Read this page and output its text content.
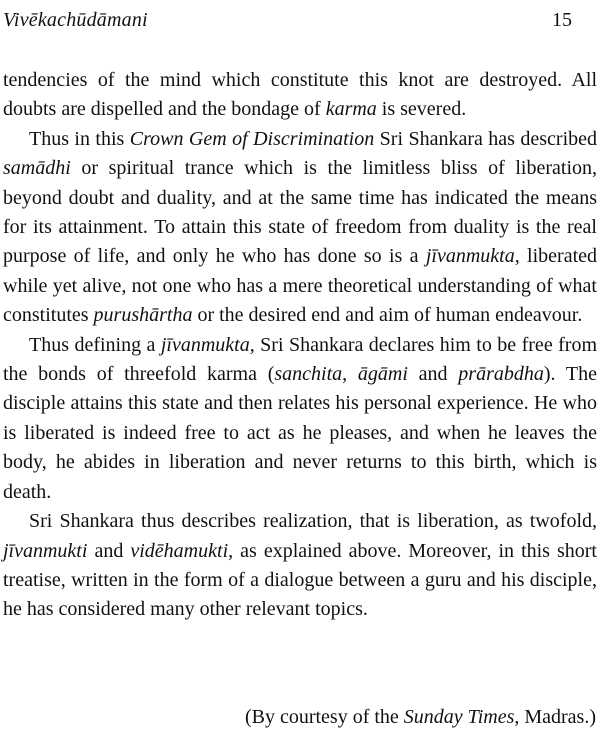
Vivēkachūdāmani	15

tendencies of the mind which constitute this knot are destroyed. All doubts are dispelled and the bondage of karma is severed.

Thus in this Crown Gem of Discrimination Sri Shankara has described samādhi or spiritual trance which is the limitless bliss of liberation, beyond doubt and duality, and at the same time has indicated the means for its attainment. To attain this state of freedom from duality is the real purpose of life, and only he who has done so is a jīvanmukta, liberated while yet alive, not one who has a mere theoretical understanding of what constitutes purushārtha or the desired end and aim of human endeavour.

Thus defining a jīvanmukta, Sri Shankara declares him to be free from the bonds of threefold karma (sanchita, āgāmi and prārabdha). The disciple attains this state and then relates his personal experience. He who is liberated is indeed free to act as he pleases, and when he leaves the body, he abides in liberation and never returns to this birth, which is death.

Sri Shankara thus describes realization, that is liberation, as twofold, jīvanmukti and vidēhamukti, as explained above. Moreover, in this short treatise, written in the form of a dialogue between a guru and his disciple, he has considered many other relevant topics.

(By courtesy of the Sunday Times, Madras.)
